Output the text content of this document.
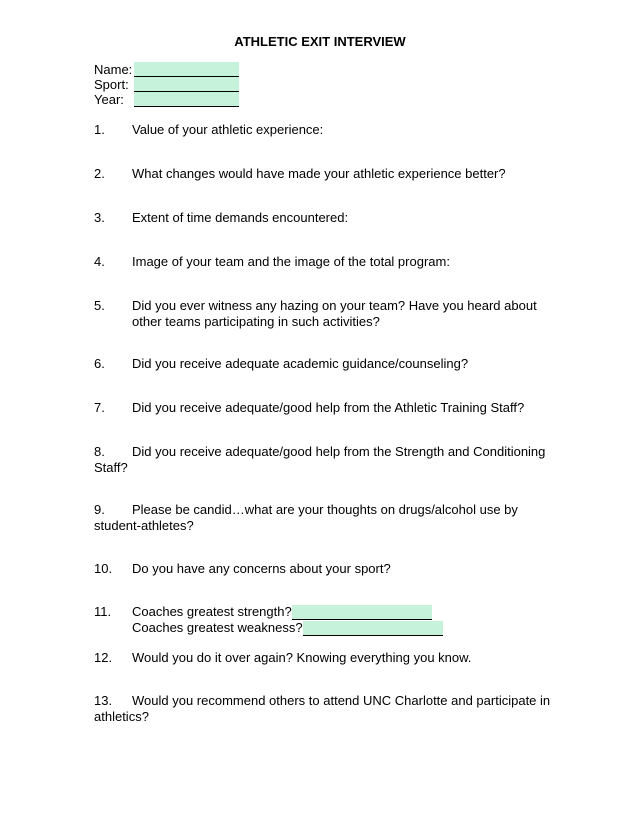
ATHLETIC EXIT INTERVIEW
Name:
Sport:
Year:
1. Value of your athletic experience:
2. What changes would have made your athletic experience better?
3. Extent of time demands encountered:
4. Image of your team and the image of the total program:
5. Did you ever witness any hazing on your team? Have you heard about
other teams participating in such activities?
6. Did you receive adequate academic guidance/counseling?
7. Did you receive adequate/good help from the Athletic Training Staff?
8. Did you receive adequate/good help from the Strength and Conditioning
Staff?
9. Please be candid…what are your thoughts on drugs/alcohol use by
student-athletes?
10. Do you have any concerns about your sport?
11. Coaches greatest strength?
Coaches greatest weakness?
12. Would you do it over again? Knowing everything you know.
13. Would you recommend others to attend UNC Charlotte and participate in
athletics?
